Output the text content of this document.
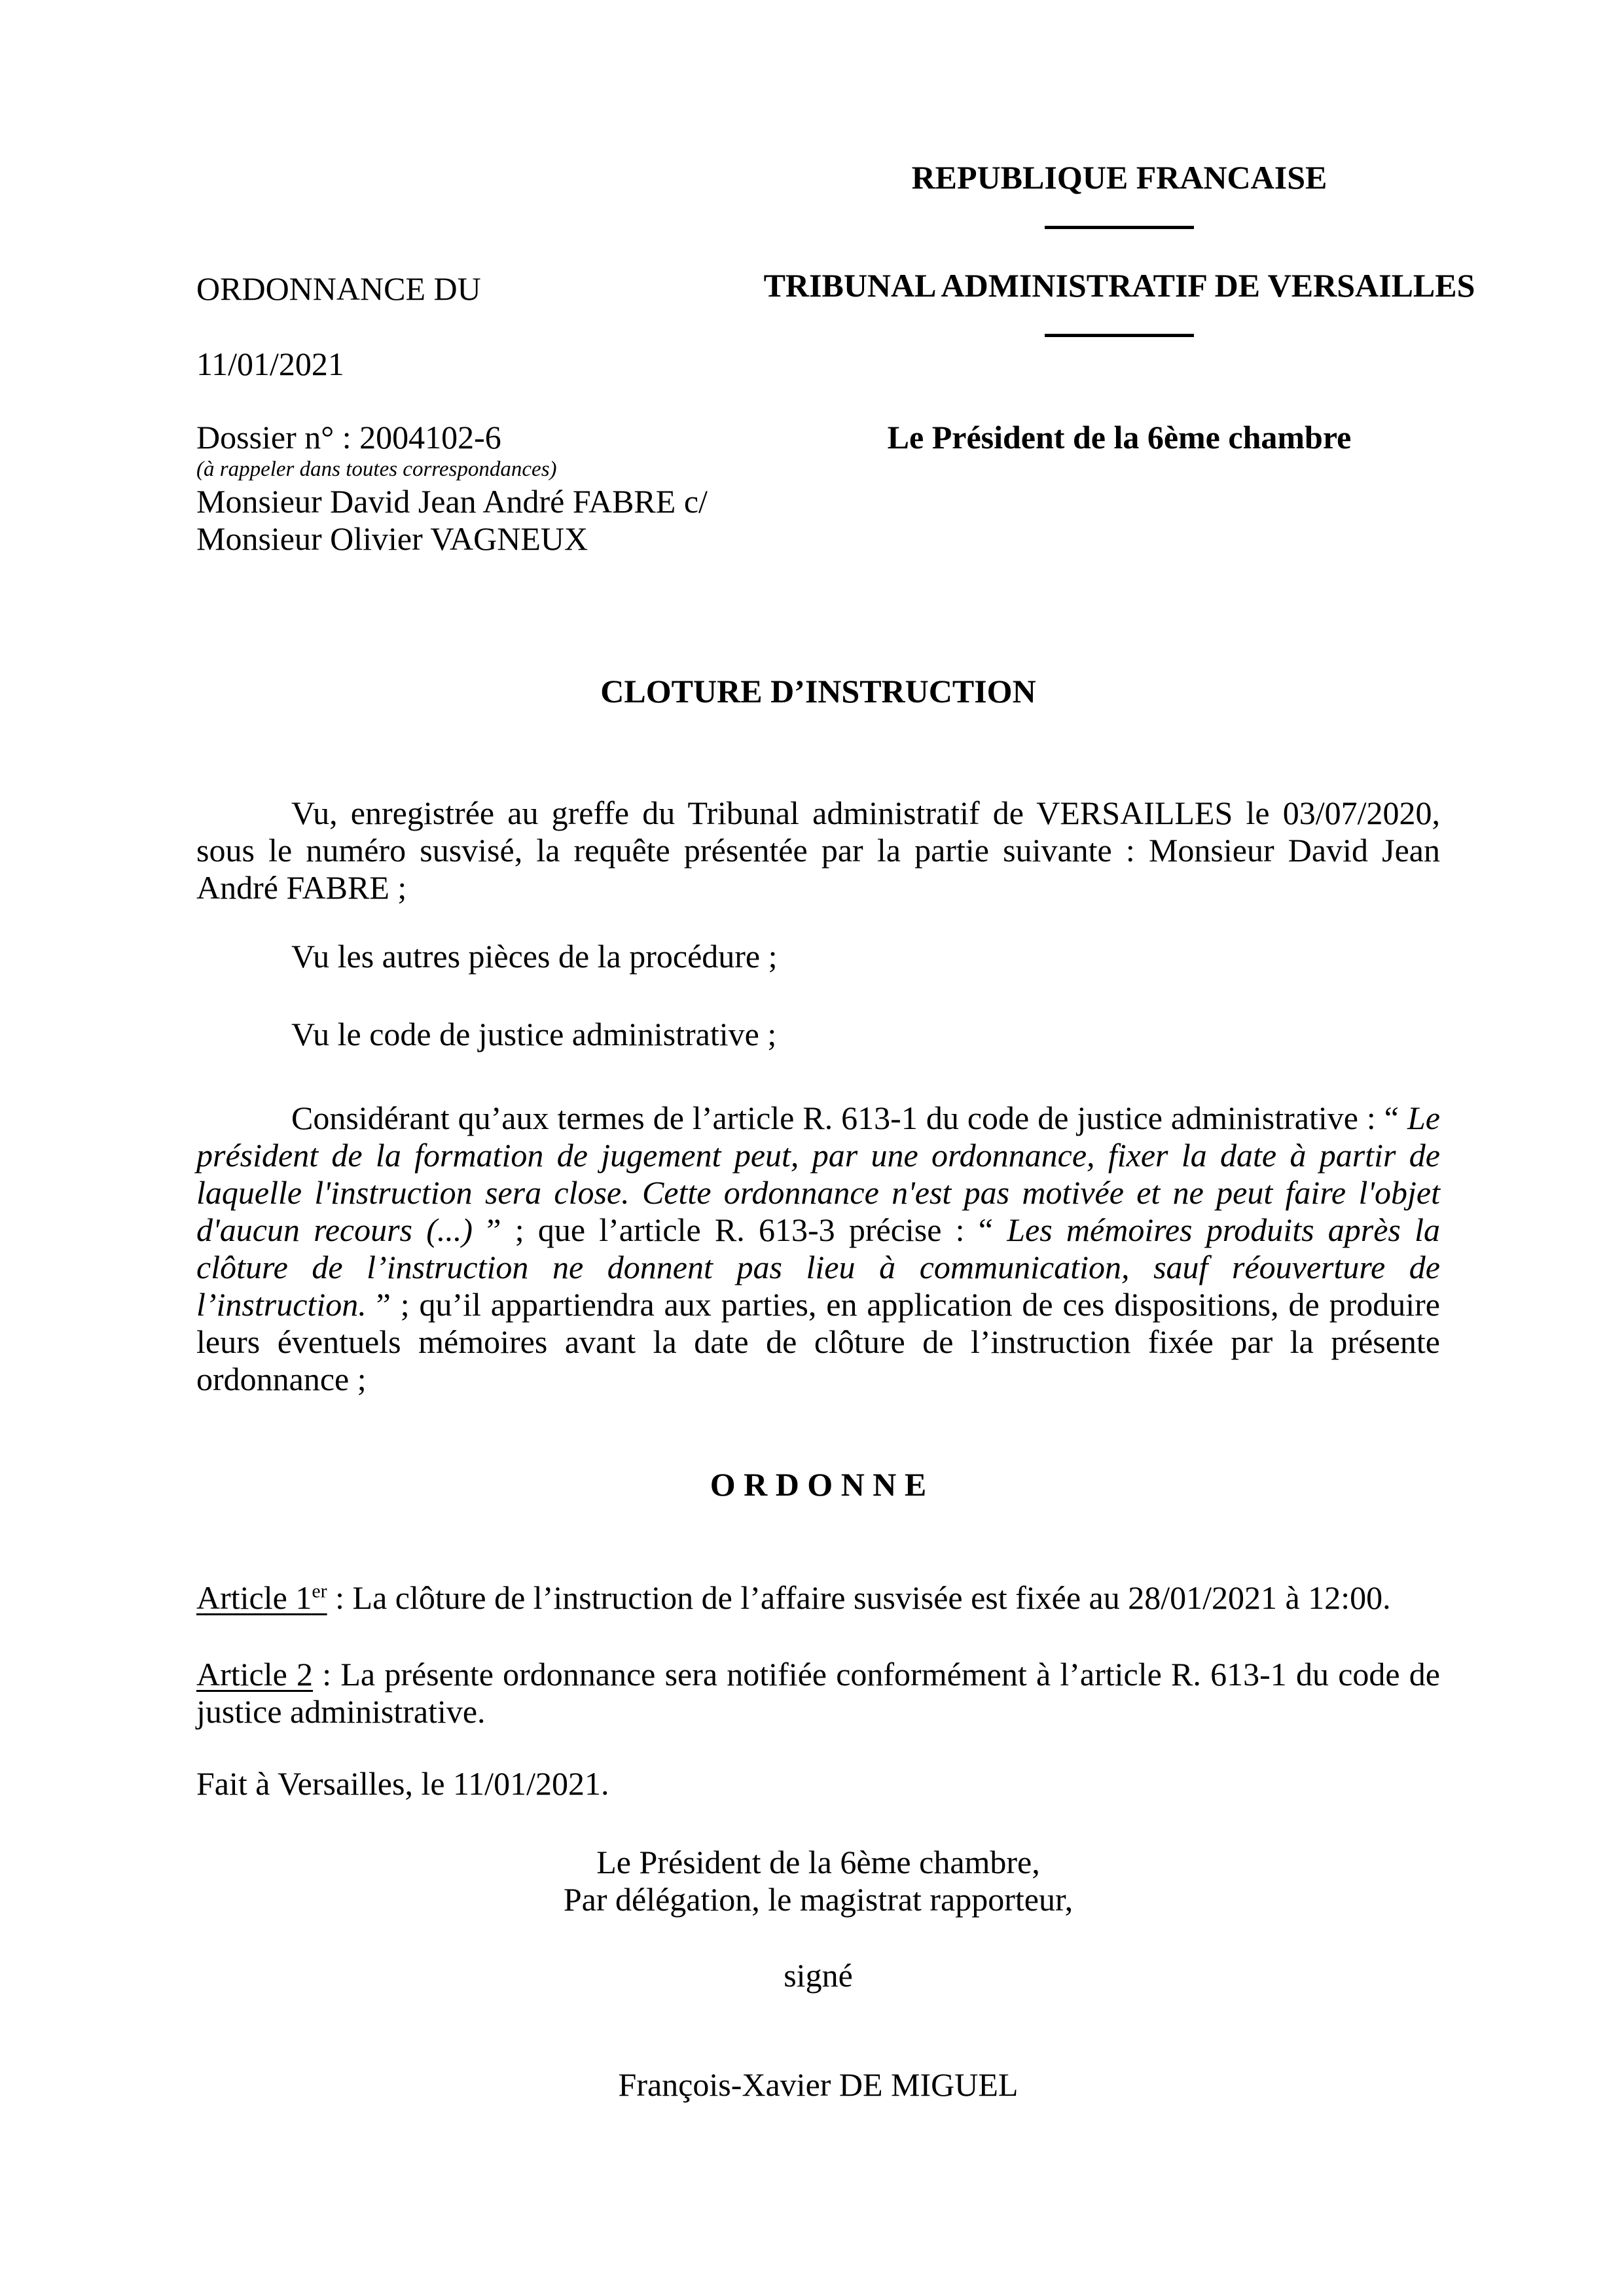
REPUBLIQUE FRANCAISE
ORDONNANCE DU	TRIBUNAL ADMINISTRATIF DE VERSAILLES
11/01/2021
Dossier n° : 2004102-6	Le Président de la 6ème chambre
(à rappeler dans toutes correspondances)
Monsieur David Jean André FABRE c/
Monsieur Olivier VAGNEUX
CLOTURE D’INSTRUCTION

Vu, enregistrée au greffe du Tribunal administratif de VERSAILLES le 03/07/2020, sous le numéro susvisé, la requête présentée par la partie suivante : Monsieur David Jean André FABRE ;

Vu les autres pièces de la procédure ;

Vu le code de justice administrative ;

Considérant qu’aux termes de l’article R. 613-1 du code de justice administrative : “ Le président de la formation de jugement peut, par une ordonnance, fixer la date à partir de laquelle l'instruction sera close. Cette ordonnance n'est pas motivée et ne peut faire l'objet d'aucun recours (...) ” ; que l’article R. 613-3 précise : “ Les mémoires produits après la clôture de l’instruction ne donnent pas lieu à communication, sauf réouverture de l’instruction. ” ; qu’il appartiendra aux parties, en application de ces dispositions, de produire leurs éventuels mémoires avant la date de clôture de l’instruction fixée par la présente ordonnance ;

O R D O N N E

Article 1er : La clôture de l’instruction de l’affaire susvisée est fixée au 28/01/2021 à 12:00.

Article 2 : La présente ordonnance sera notifiée conformément à l’article R. 613-1 du code de justice administrative.

Fait à Versailles, le 11/01/2021.

Le Président de la 6ème chambre,

Par délégation, le magistrat rapporteur,

signé

François-Xavier DE MIGUEL
